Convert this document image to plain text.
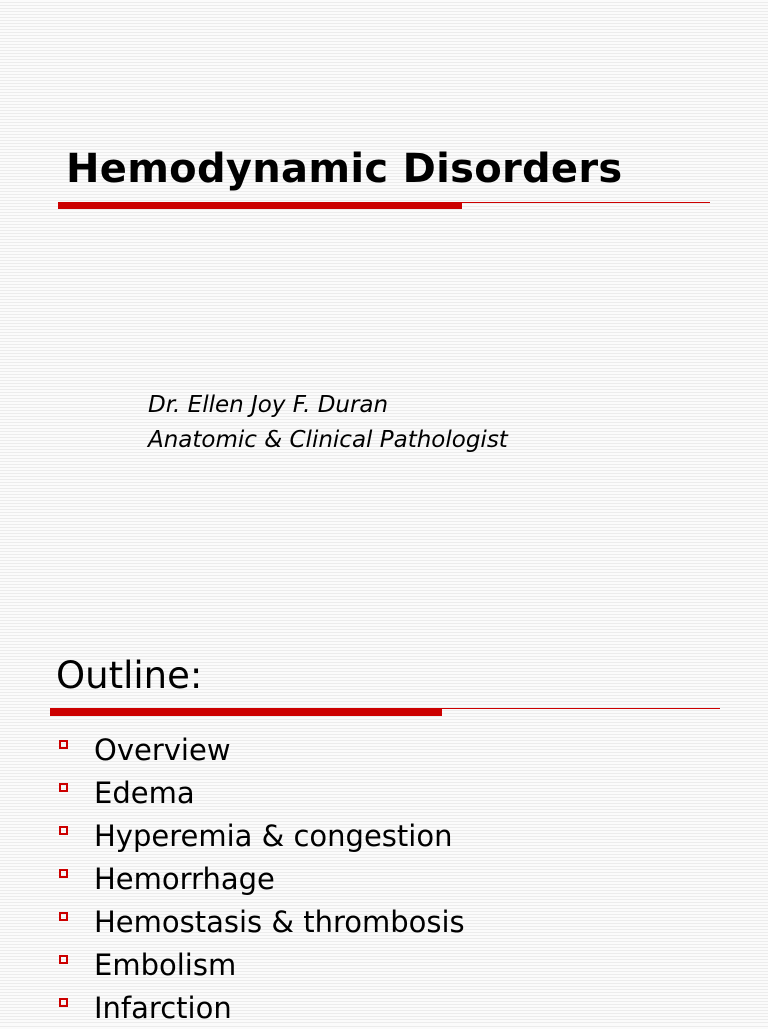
Hemodynamic Disorders
Dr. Ellen Joy F. Duran
Anatomic & Clinical Pathologist
Outline:
Overview
Edema
Hyperemia & congestion
Hemorrhage
Hemostasis & thrombosis
Embolism
Infarction
